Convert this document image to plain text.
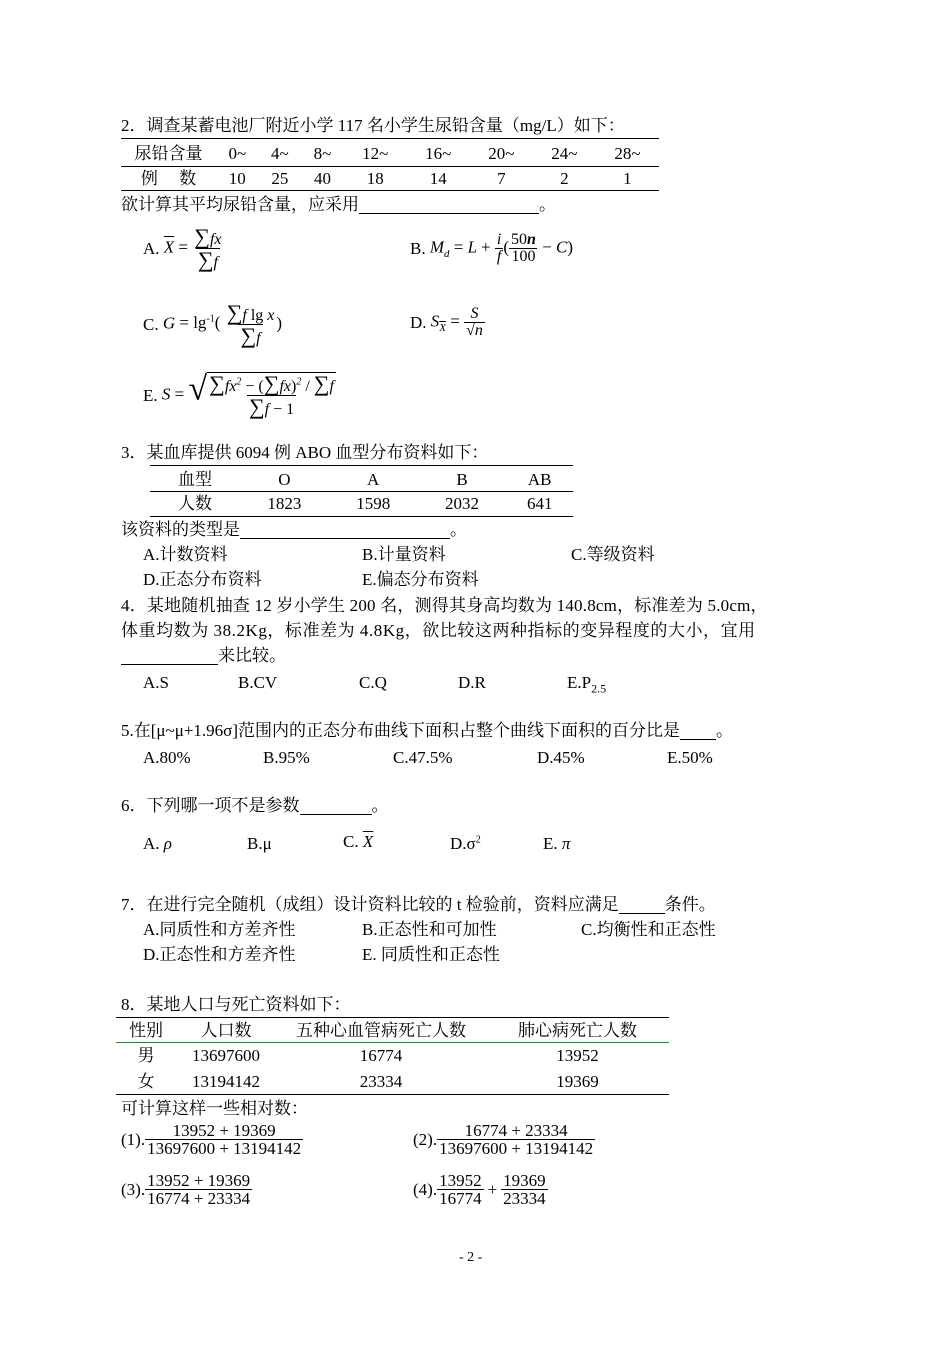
2．调查某蓄电池厂附近小学 117 名小学生尿铅含量（mg/L）如下：
尿铅含量	0~	4~	8~	12~	16~	20~	24~	28~
例　 数	10	25	40	18	14	7	2	1
欲计算其平均尿铅含量，应采用	。
A. $\overline{X} = \frac{\sum fx}{\sum f}$	B. $M_d = L + \frac{i}{f}$ ( $\frac{50n}{100} - C$)
C. $G = \lg^{-1}( \frac{\text{∑f lg x}}{\sum f}$ )	D. $S_{\overline{X}} = \frac{S}{√n}$
E. S = √ $\frac{\sum fx^2 - (\sum fx)^2 / \sum f}{\sum f - 1}$
3．某血库提供 6094 例 ABO 血型分布资料如下：
血型	O	A	B	AB
人数	1823	1598	2032	641
该资料的类型是	。
A.计数资料	B.计量资料	C.等级资料
D.正态分布资料	E.偏态分布资料
4．某地随机抽查 12 岁小学生 200 名，测得其身高均数为 140.8cm，标准差为 5.0cm，
体重均数为 38.2Kg，标准差为 4.8Kg，欲比较这两种指标的变异程度的大小，宜用
来比较。
A.S	B.CV	C.Q	D.R	$E.P_{2.5}$
5.在[μ~μ+1.96σ]范围内的正态分布曲线下面积占整个曲线下面积的百分比是 。
A.80%	B.95%	C.47.5%	D.45%	E.50%
6．下列哪一项不是参数	。
A. ρ	B.μ	C. $\overline{X}$	$D.\sigma^2$	E. π
7．在进行完全随机（成组）设计资料比较的 t 检验前，资料应满足	条件。
A.同质性和方差齐性	B.正态性和可加性	C.均衡性和正态性
D.正态性和方差齐性	E. 同质性和正态性
8．某地人口与死亡资料如下：
性别	人口数	五种心血管病死亡人数	肺心病死亡人数
男	13697600	16774	13952
女	13194142	23334	19369
可计算这样一些相对数：
(1). $\frac{13952 + 19369}{13697600 + 13194142}$	(2). $\frac{16774 + 23334}{13697600 + 13194142}$
(3). $\frac{13952 + 19369}{16774 + 23334}$	(4). $\frac{13952}{16774} + \frac{19369}{23334}$
- 2 -
